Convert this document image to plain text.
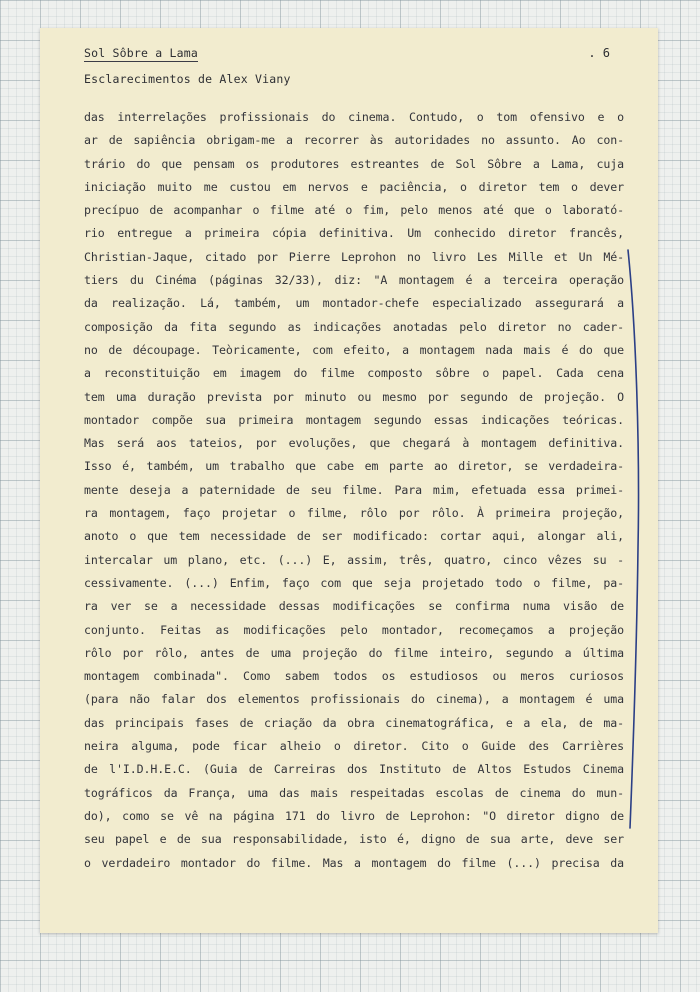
Sol Sôbre a Lama
Esclarecimentos de Alex Viany
. 6
das interrelações profissionais do cinema. Contudo, o tom ofensivo e o
ar de sapiência obrigam-me a recorrer às autoridades no assunto. Ao con-
trário do que pensam os produtores estreantes de Sol Sôbre a Lama, cuja
iniciação muito me custou em nervos e paciência, o diretor tem o dever
precípuo de acompanhar o filme até o fim, pelo menos até que o laborató-
rio entregue a primeira cópia definitiva. Um conhecido diretor francês,
Christian-Jaque, citado por Pierre Leprohon no livro Les Mille et Un Mé-
tiers du Cinéma (páginas 32/33), diz: "A montagem é a terceira operação
da realização. Lá, também, um montador-chefe especializado assegurará a
composição da fita segundo as indicações anotadas pelo diretor no cader-
no de découpage. Teòricamente, com efeito, a montagem nada mais é do que
a reconstituição em imagem do filme composto sôbre o papel. Cada cena
tem uma duração prevista por minuto ou mesmo por segundo de projeção. O
montador compõe sua primeira montagem segundo essas indicações teóricas.
Mas será aos tateios, por evoluções, que chegará à montagem definitiva.
Isso é, também, um trabalho que cabe em parte ao diretor, se verdadeira-
mente deseja a paternidade de seu filme. Para mim, efetuada essa primei-
ra montagem, faço projetar o filme, rôlo por rôlo. À primeira projeção,
anoto o que tem necessidade de ser modificado: cortar aqui, alongar ali,
intercalar um plano, etc. (...) E, assim, três, quatro, cinco vêzes su -
cessivamente. (...) Enfim, faço com que seja projetado todo o filme, pa-
ra ver se a necessidade dessas modificações se confirma numa visão de
conjunto. Feitas as modificações pelo montador, recomeçamos a projeção
rôlo por rôlo, antes de uma projeção do filme inteiro, segundo a última
montagem combinada". Como sabem todos os estudiosos ou meros curiosos
(para não falar dos elementos profissionais do cinema), a montagem é uma
das principais fases de criação da obra cinematográfica, e a ela, de ma-
neira alguma, pode ficar alheio o diretor. Cito o Guide des Carrières
de l'I.D.H.E.C. (Guia de Carreiras dos Instituto de Altos Estudos Cinema
tográficos da França, uma das mais respeitadas escolas de cinema do mun-
do), como se vê na página 171 do livro de Leprohon: "O diretor digno de
seu papel e de sua responsabilidade, isto é, digno de sua arte, deve ser
o verdadeiro montador do filme. Mas a montagem do filme (...) precisa da
